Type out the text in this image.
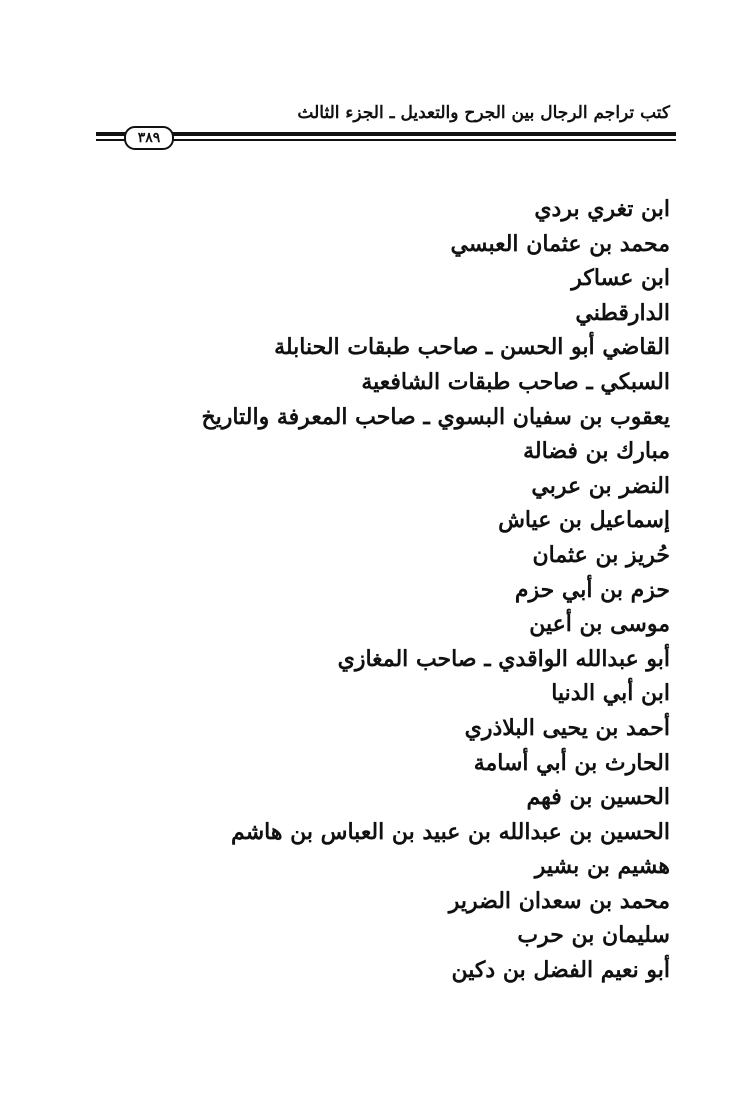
كتب تراجم الرجال بين الجرح والتعديل ـ الجزء الثالث
٣٨٩
ابن تغري بردي
محمد بن عثمان العبسي
ابن عساكر
الدارقطني
القاضي أبو الحسن ـ صاحب طبقات الحنابلة
السبكي ـ صاحب طبقات الشافعية
يعقوب بن سفيان البسوي ـ صاحب المعرفة والتاريخ
مبارك بن فضالة
النضر بن عربي
إسماعيل بن عياش
حُريز بن عثمان
حزم بن أبي حزم
موسى بن أعين
أبو عبدالله الواقدي ـ صاحب المغازي
ابن أبي الدنيا
أحمد بن يحيى البلاذري
الحارث بن أبي أسامة
الحسين بن فهم
الحسين بن عبدالله بن عبيد بن العباس بن هاشم
هشيم بن بشير
محمد بن سعدان الضرير
سليمان بن حرب
أبو نعيم الفضل بن دكين
